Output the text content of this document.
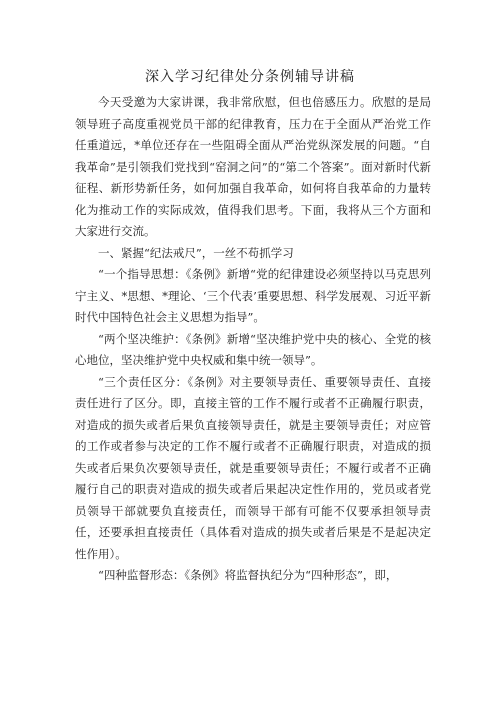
深入学习纪律处分条例辅导讲稿

今天受邀为大家讲课，我非常欣慰，但也倍感压力。欣慰的是局领导班子高度重视党员干部的纪律教育，压力在于全面从严治党工作任重道远，*单位还存在一些阻碍全面从严治党纵深发展的问题。“自我革命”是引领我们党找到“窑洞之问”的“第二个答案”。面对新时代新征程、新形势新任务，如何加强自我革命，如何将自我革命的力量转化为推动工作的实际成效，值得我们思考。下面，我将从三个方面和大家进行交流。

一、紧握“纪法戒尺”，一丝不苟抓学习

“一个指导思想：《条例》新增“党的纪律建设必须坚持以马克思列宁主义、*思想、*理论、‘三个代表’重要思想、科学发展观、习近平新时代中国特色社会主义思想为指导”。

“两个坚决维护：《条例》新增“坚决维护党中央的核心、全党的核心地位，坚决维护党中央权威和集中统一领导”。

“三个责任区分：《条例》对主要领导责任、重要领导责任、直接责任进行了区分。即，直接主管的工作不履行或者不正确履行职责，对造成的损失或者后果负直接领导责任，就是主要领导责任；对应管的工作或者参与决定的工作不履行或者不正确履行职责，对造成的损失或者后果负次要领导责任，就是重要领导责任；不履行或者不正确履行自己的职责对造成的损失或者后果起决定性作用的，党员或者党员领导干部就要负直接责任，而领导干部有可能不仅要承担领导责任，还要承担直接责任（具体看对造成的损失或者后果是不是起决定性作用）。

“四种监督形态：《条例》将监督执纪分为“四种形态”，即，
